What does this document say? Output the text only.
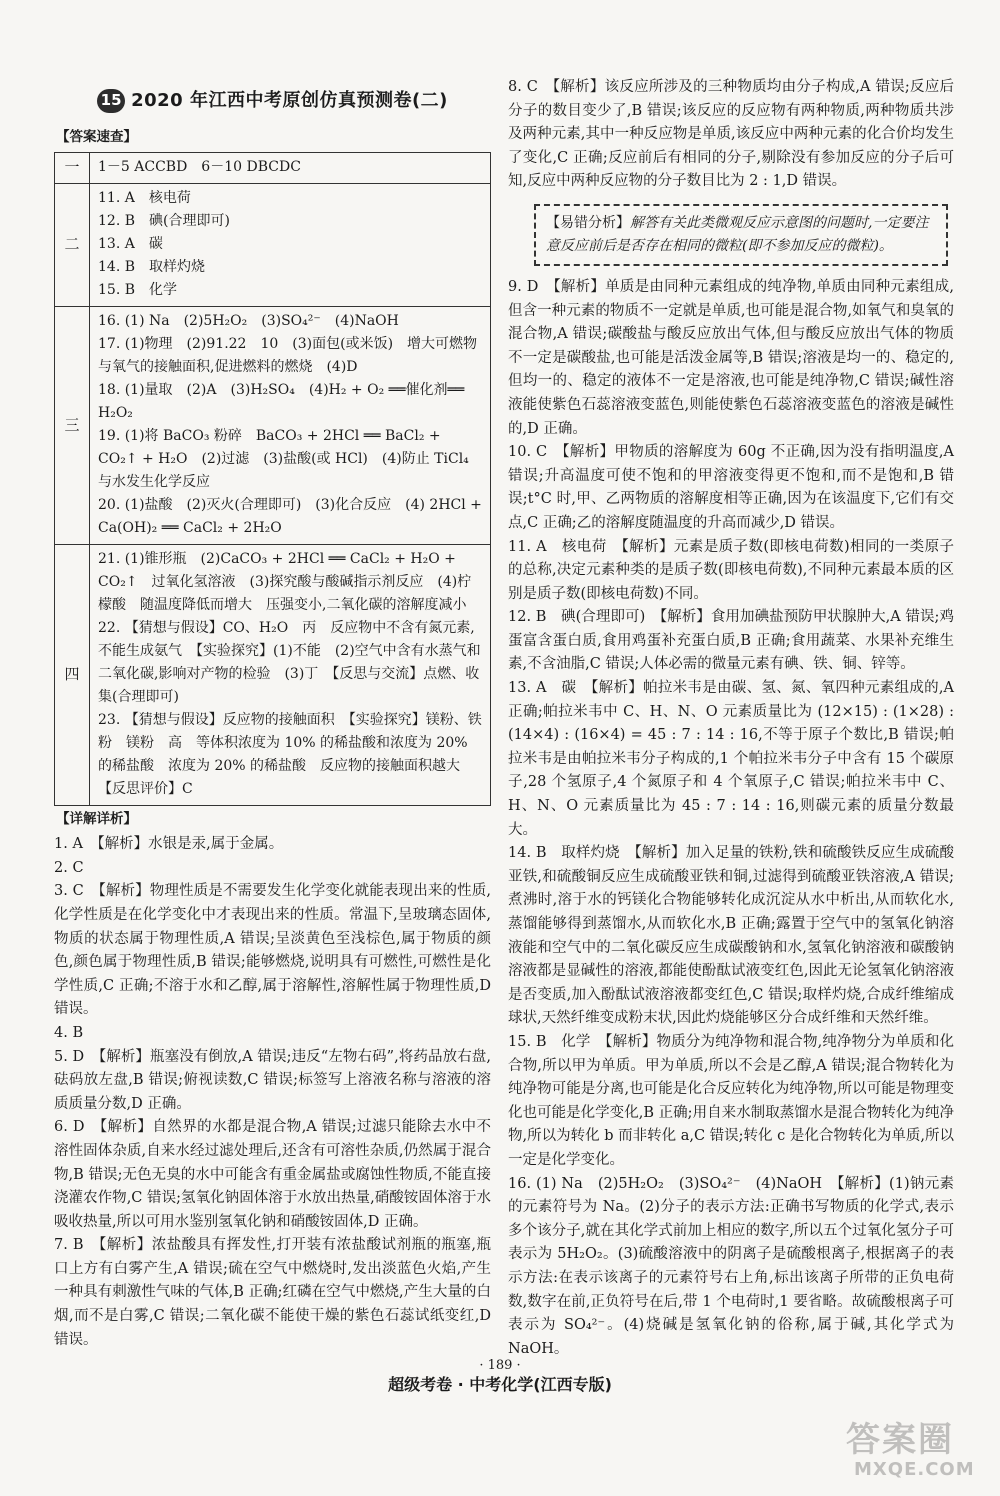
15 2020 年江西中考原创仿真预测卷(二)
【答案速查】
一	1－5 ACCBD　6－10 DBCDC

二	11. A　核电荷
12. B　碘(合理即可)
13. A　碳
14. B　取样灼烧
15. B　化学

三	16. (1) Na　(2)5H₂O₂　(3)SO₄²⁻　(4)NaOH
17. (1)物理　(2)91.22　10　(3)面包(或米饭)　增大可燃物与氧气的接触面积,促进燃料的燃烧　(4)D
18. (1)量取　(2)A　(3)H₂SO₄　(4)H₂ + O₂ ══催化剂══ H₂O₂
19. (1)将 BaCO₃ 粉碎　BaCO₃ + 2HCl ══ BaCl₂ + CO₂↑ + H₂O　(2)过滤　(3)盐酸(或 HCl)　(4)防止 TiCl₄ 与水发生化学反应
20. (1)盐酸　(2)灭火(合理即可)　(3)化合反应　(4) 2HCl + Ca(OH)₂ ══ CaCl₂ + 2H₂O

四	21. (1)锥形瓶　(2)CaCO₃ + 2HCl ══ CaCl₂ + H₂O + CO₂↑　过氧化氢溶液　(3)探究酸与酸碱指示剂反应　(4)柠檬酸　随温度降低而增大　压强变小,二氧化碳的溶解度减小
22. 【猜想与假设】CO、H₂O　丙　反应物中不含有氮元素,不能生成氨气　【实验探究】(1)不能　(2)空气中含有水蒸气和二氧化碳,影响对产物的检验　(3)丁　【反思与交流】点燃、收集(合理即可)
23. 【猜想与假设】反应物的接触面积　【实验探究】镁粉、铁粉　镁粉　高　等体积浓度为 10% 的稀盐酸和浓度为 20% 的稀盐酸　浓度为 20% 的稀盐酸　反应物的接触面积越大　【反思评价】C
【详解详析】

1. A　【解析】水银是汞,属于金属。

2. C

3. C　【解析】物理性质是不需要发生化学变化就能表现出来的性质,化学性质是在化学变化中才表现出来的性质。常温下,呈玻璃态固体,物质的状态属于物理性质,A 错误;呈淡黄色至浅棕色,属于物质的颜色,颜色属于物理性质,B 错误;能够燃烧,说明具有可燃性,可燃性是化学性质,C 正确;不溶于水和乙醇,属于溶解性,溶解性属于物理性质,D 错误。

4. B

5. D　【解析】瓶塞没有倒放,A 错误;违反“左物右码”,将药品放右盘,砝码放左盘,B 错误;俯视读数,C 错误;标签写上溶液名称与溶液的溶质质量分数,D 正确。

6. D　【解析】自然界的水都是混合物,A 错误;过滤只能除去水中不溶性固体杂质,自来水经过滤处理后,还含有可溶性杂质,仍然属于混合物,B 错误;无色无臭的水中可能含有重金属盐或腐蚀性物质,不能直接浇灌农作物,C 错误;氢氧化钠固体溶于水放出热量,硝酸铵固体溶于水吸收热量,所以可用水鉴别氢氧化钠和硝酸铵固体,D 正确。

7. B　【解析】浓盐酸具有挥发性,打开装有浓盐酸试剂瓶的瓶塞,瓶口上方有白雾产生,A 错误;硫在空气中燃烧时,发出淡蓝色火焰,产生一种具有刺激性气味的气体,B 正确;红磷在空气中燃烧,产生大量的白烟,而不是白雾,C 错误;二氧化碳不能使干燥的紫色石蕊试纸变红,D 错误。

8. C　【解析】该反应所涉及的三种物质均由分子构成,A 错误;反应后分子的数目变少了,B 错误;该反应的反应物有两种物质,两种物质共涉及两种元素,其中一种反应物是单质,该反应中两种元素的化合价均发生了变化,C 正确;反应前后有相同的分子,剔除没有参加反应的分子后可知,反应中两种反应物的分子数目比为 2 : 1,D 错误。

【易错分析】解答有关此类微观反应示意图的问题时,一定要注意反应前后是否存在相同的微粒(即不参加反应的微粒)。

9. D　【解析】单质是由同种元素组成的纯净物,单质由同种元素组成,但含一种元素的物质不一定就是单质,也可能是混合物,如氧气和臭氧的混合物,A 错误;碳酸盐与酸反应放出气体,但与酸反应放出气体的物质不一定是碳酸盐,也可能是活泼金属等,B 错误;溶液是均一的、稳定的,但均一的、稳定的液体不一定是溶液,也可能是纯净物,C 错误;碱性溶液能使紫色石蕊溶液变蓝色,则能使紫色石蕊溶液变蓝色的溶液是碱性的,D 正确。

10. C　【解析】甲物质的溶解度为 60g 不正确,因为没有指明温度,A 错误;升高温度可使不饱和的甲溶液变得更不饱和,而不是饱和,B 错误;t°C 时,甲、乙两物质的溶解度相等正确,因为在该温度下,它们有交点,C 正确;乙的溶解度随温度的升高而减少,D 错误。

11. A　核电荷　【解析】元素是质子数(即核电荷数)相同的一类原子的总称,决定元素种类的是质子数(即核电荷数),不同种元素最本质的区别是质子数(即核电荷数)不同。

12. B　碘(合理即可)　【解析】食用加碘盐预防甲状腺肿大,A 错误;鸡蛋富含蛋白质,食用鸡蛋补充蛋白质,B 正确;食用蔬菜、水果补充维生素,不含油脂,C 错误;人体必需的微量元素有碘、铁、铜、锌等。

13. A　碳　【解析】帕拉米韦是由碳、氢、氮、氧四种元素组成的,A 正确;帕拉米韦中 C、H、N、O 元素质量比为 (12×15) : (1×28) : (14×4) : (16×4) = 45 : 7 : 14 : 16,不等于原子个数比,B 错误;帕拉米韦是由帕拉米韦分子构成的,1 个帕拉米韦分子中含有 15 个碳原子,28 个氢原子,4 个氮原子和 4 个氧原子,C 错误;帕拉米韦中 C、H、N、O 元素质量比为 45 : 7 : 14 : 16,则碳元素的质量分数最大。

14. B　取样灼烧　【解析】加入足量的铁粉,铁和硫酸铁反应生成硫酸亚铁,和硫酸铜反应生成硫酸亚铁和铜,过滤得到硫酸亚铁溶液,A 错误;煮沸时,溶于水的钙镁化合物能够转化成沉淀从水中析出,从而软化水,蒸馏能够得到蒸馏水,从而软化水,B 正确;露置于空气中的氢氧化钠溶液能和空气中的二氧化碳反应生成碳酸钠和水,氢氧化钠溶液和碳酸钠溶液都是显碱性的溶液,都能使酚酞试液变红色,因此无论氢氧化钠溶液是否变质,加入酚酞试液溶液都变红色,C 错误;取样灼烧,合成纤维缩成球状,天然纤维变成粉末状,因此灼烧能够区分合成纤维和天然纤维。

15. B　化学　【解析】物质分为纯净物和混合物,纯净物分为单质和化合物,所以甲为单质。甲为单质,所以不会是乙醇,A 错误;混合物转化为纯净物可能是分离,也可能是化合反应转化为纯净物,所以可能是物理变化也可能是化学变化,B 正确;用自来水制取蒸馏水是混合物转化为纯净物,所以为转化 b 而非转化 a,C 错误;转化 c 是化合物转化为单质,所以一定是化学变化。

16. (1) Na　(2)5H₂O₂　(3)SO₄²⁻　(4)NaOH　【解析】(1)钠元素的元素符号为 Na。(2)分子的表示方法:正确书写物质的化学式,表示多个该分子,就在其化学式前加上相应的数字,所以五个过氧化氢分子可表示为 5H₂O₂。(3)硫酸溶液中的阴离子是硫酸根离子,根据离子的表示方法:在表示该离子的元素符号右上角,标出该离子所带的正负电荷数,数字在前,正负符号在后,带 1 个电荷时,1 要省略。故硫酸根离子可表示为 SO₄²⁻。(4)烧碱是氢氧化钠的俗称,属于碱,其化学式为 NaOH。

· 189 ·
超级考卷 · 中考化学(江西专版)
答案圈
MXQE.COM
